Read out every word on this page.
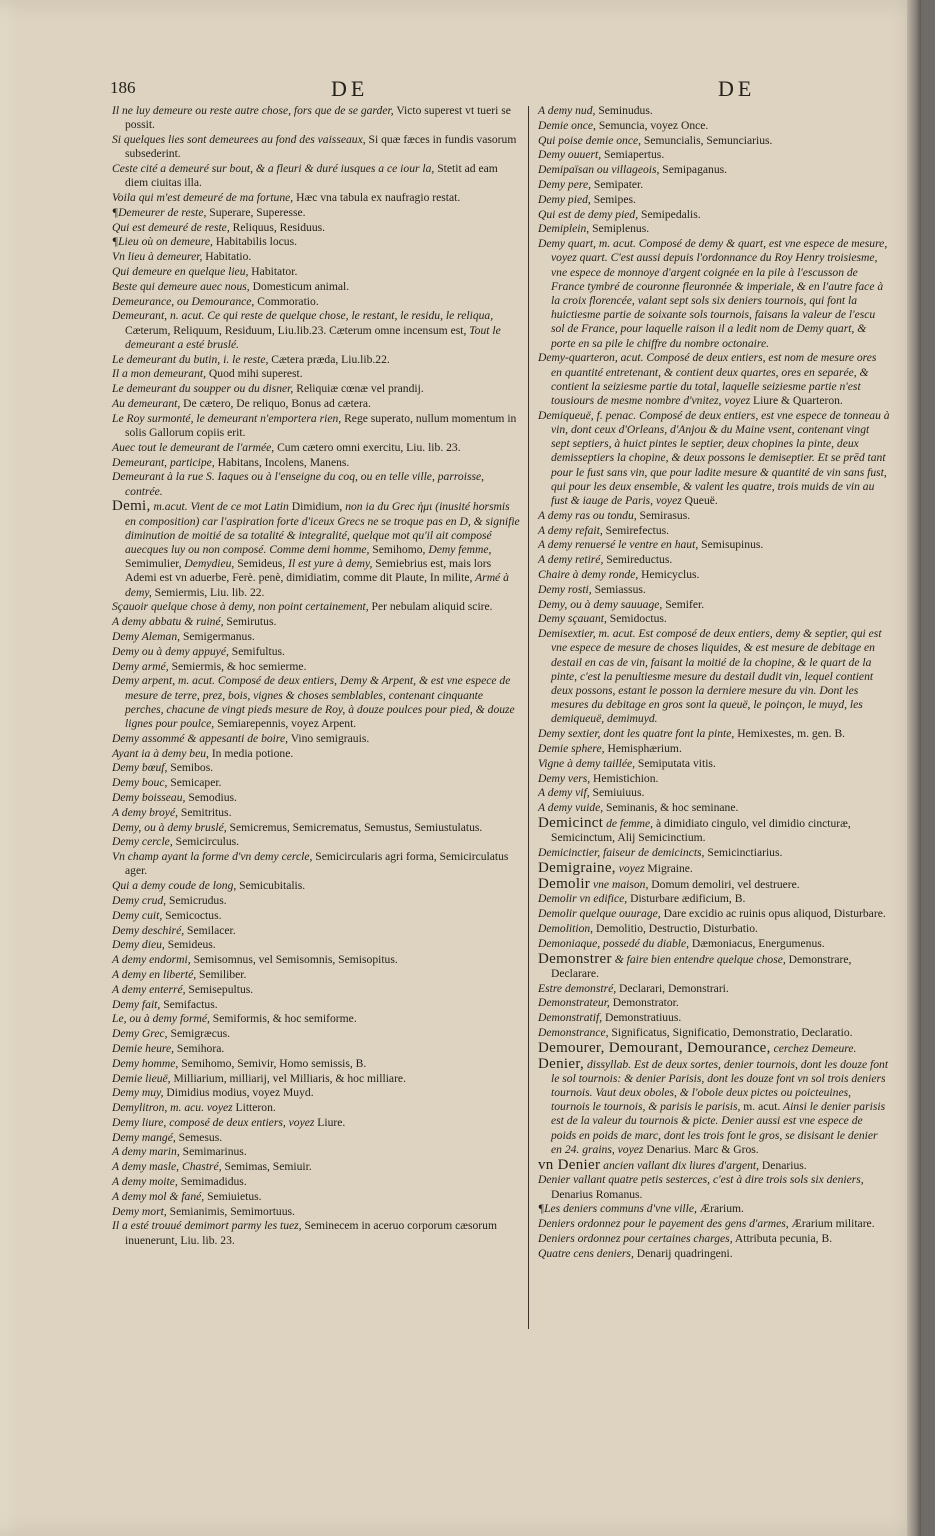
186	DE	DE
Il ne luy demeure ou reste autre chose, fors que de se garder, Victo superest vt tueri se possit.
Si quelques lies sont demeurees au fond des vaisseaux, Si quæ fæces in fundis vasorum subsederint.
Ceste cité a demeuré sur bout, & a fleuri & duré iusques a ce iour la, Stetit ad eam diem ciuitas illa.
Voila qui m'est demeuré de ma fortune, Hæc vna tabula ex naufragio restat.
¶Demeurer de reste, Superare, Superesse.
Qui est demeuré de reste, Reliquus, Residuus.
¶Lieu où on demeure, Habitabilis locus.
Vn lieu à demeurer, Habitatio.
Qui demeure en quelque lieu, Habitator.
Beste qui demeure auec nous, Domesticum animal.
Demeurance, ou Demourance, Commoratio.
Demeurant, n. acut. Ce qui reste de quelque chose, le restant, le residu, le reliqua, Cæterum, Reliquum, Residuum, Liu.lib.23. Cæterum omne incensum est, Tout le demeurant a esté bruslé.
Le demeurant du butin, i. le reste, Cætera præda, Liu.lib.22.
Il a mon demeurant, Quod mihi superest.
Le demeurant du soupper ou du disner, Reliquiæ cœnæ vel prandij.
Au demeurant, De cætero, De reliquo, Bonus ad cætera.
Le Roy surmonté, le demeurant n'emportera rien, Rege superato, nullum momentum in solis Gallorum copiis erit.
Auec tout le demeurant de l'armée, Cum cætero omni exercitu, Liu. lib. 23.
Demeurant, participe, Habitans, Incolens, Manens.
Demeurant à la rue S. Iaques ou à l'enseigne du coq, ou en telle ville, parroisse, contrée.
Demi, m.acut. Vient de ce mot Latin Dimidium, non ia du Grec ἡμι (inusité horsmis en composition) car l'aspiration forte d'iceux Grecs ne se troque pas en D, & signifie diminution de moitié de sa totalité & integralité, quelque mot qu'il ait composé auecques luy ou non composé. Comme demi homme, Semihomo, Demy femme, Semimulier, Demydieu, Semideus, Il est yure à demy, Semiebrius est, mais lors Ademi est vn aduerbe, Ferè. penè, dimidiatim, comme dit Plaute, In milite, Armé à demy, Semiermis, Liu. lib. 22.
Sçauoir quelque chose à demy, non point certainement, Per nebulam aliquid scire.
A demy abbatu & ruiné, Semirutus.
Demy Aleman, Semigermanus.
Demy ou à demy appuyé, Semifultus.
Demy armé, Semiermis, & hoc semierme.
Demy arpent, m. acut. Composé de deux entiers, Demy & Arpent, & est vne espece de mesure de terre, prez, bois, vignes & choses semblables, contenant cinquante perches, chacune de vingt pieds mesure de Roy, à douze poulces pour pied, & douze lignes pour poulce, Semiarepennis, voyez Arpent.
Demy assommé & appesanti de boire, Vino semigrauis.
Ayant ia à demy beu, In media potione.
Demy bœuf, Semibos.
Demy bouc, Semicaper.
Demy boisseau, Semodius.
A demy broyé, Semitritus.
Demy, ou à demy bruslé, Semicremus, Semicrematus, Semustus, Semiustulatus.
Demy cercle, Semicirculus.
Vn champ ayant la forme d'vn demy cercle, Semicircularis agri forma, Semicirculatus ager.
Qui a demy coude de long, Semicubitalis.
Demy crud, Semicrudus.
Demy cuit, Semicoctus.
Demy deschiré, Semilacer.
Demy dieu, Semideus.
A demy endormi, Semisomnus, vel Semisomnis, Semisopitus.
A demy en liberté, Semiliber.
A demy enterré, Semisepultus.
Demy fait, Semifactus.
Le, ou à demy formé, Semiformis, & hoc semiforme.
Demy Grec, Semigræcus.
Demie heure, Semihora.
Demy homme, Semihomo, Semivir, Homo semissis, B.
Demie lieuë, Milliarium, milliarij, vel Milliaris, & hoc milliare.
Demy muy, Dimidius modius, voyez Muyd.
Demylitron, m. acu. voyez Litteron.
Demy liure, composé de deux entiers, voyez Liure.
Demy mangé, Semesus.
A demy marin, Semimarinus.
A demy masle, Chastré, Semimas, Semiuir.
A demy moite, Semimadidus.
A demy mol & fané, Semiuietus.
Demy mort, Semianimis, Semimortuus.
Il a esté trouué demimort parmy les tuez, Seminecem in aceruo corporum cæsorum inuenerunt, Liu. lib. 23.
A demy nud, Seminudus.
Demie once, Semuncia, voyez Once.
Qui poise demie once, Semuncialis, Semunciarius.
Demy ouuert, Semiapertus.
Demipaïsan ou villageois, Semipaganus.
Demy pere, Semipater.
Demy pied, Semipes.
Qui est de demy pied, Semipedalis.
Demiplein, Semiplenus.
Demy quart, m. acut. Composé de demy & quart, est vne espece de mesure, voyez quart. C'est aussi depuis l'ordonnance du Roy Henry troisiesme, vne espece de monnoye d'argent coignée en la pile à l'escusson de France tymbré de couronne fleuronnée & imperiale, & en l'autre face à la croix florencée, valant sept sols six deniers tournois, qui font la huictiesme partie de soixante sols tournois, faisans la valeur de l'escu sol de France, pour laquelle raison il a ledit nom de Demy quart, & porte en sa pile le chiffre du nombre octonaire.
Demy-quarteron, acut. Composé de deux entiers, est nom de mesure ores en quantité entretenant, & contient deux quartes, ores en separée, & contient la seiziesme partie du total, laquelle seiziesme partie n'est tousiours de mesme nombre d'vnitez, voyez Liure & Quarteron.
Demiqueuë, f. penac. Composé de deux entiers, est vne espece de tonneau à vin, dont ceux d'Orleans, d'Anjou & du Maine vsent, contenant vingt sept septiers, à huict pintes le septier, deux chopines la pinte, deux demisseptiers la chopine, & deux possons le demiseptier. Et se prēd tant pour le fust sans vin, que pour ladite mesure & quantité de vin sans fust, qui pour les deux ensemble, & valent les quatre, trois muids de vin au fust & iauge de Paris, voyez Queuë.
A demy ras ou tondu, Semirasus.
A demy refait, Semirefectus.
A demy renuersé le ventre en haut, Semisupinus.
A demy retiré, Semireductus.
Chaire à demy ronde, Hemicyclus.
Demy rosti, Semiassus.
Demy, ou à demy sauuage, Semifer.
Demy sçauant, Semidoctus.
Demisextier, m. acut. Est composé de deux entiers, demy & septier, qui est vne espece de mesure de choses liquides, & est mesure de debitage en destail en cas de vin, faisant la moitié de la chopine, & le quart de la pinte, c'est la penultiesme mesure du destail dudit vin, lequel contient deux possons, estant le posson la derniere mesure du vin. Dont les mesures du debitage en gros sont la queuë, le poinçon, le muyd, les demiqueuë, demimuyd.
Demy sextier, dont les quatre font la pinte, Hemixestes, m. gen. B.
Demie sphere, Hemisphærium.
Vigne à demy taillée, Semiputata vitis.
Demy vers, Hemistichion.
A demy vif, Semiuiuus.
A demy vuide, Seminanis, & hoc seminane.
Demicinct de femme, à dimidiato cingulo, vel dimidio cincturæ, Semicinctum, Alij Semicinctium.
Demicinctier, faiseur de demicincts, Semicinctiarius.
Demigraine, voyez Migraine.
Demolir vne maison, Domum demoliri, vel destruere.
Demolir vn edifice, Disturbare ædificium, B.
Demolir quelque ouurage, Dare excidio ac ruinis opus aliquod, Disturbare.
Demolition, Demolitio, Destructio, Disturbatio.
Demoniaque, possedé du diable, Dæmoniacus, Energumenus.
Demonstrer & faire bien entendre quelque chose, Demonstrare, Declarare.
Estre demonstré, Declarari, Demonstrari.
Demonstrateur, Demonstrator.
Demonstratif, Demonstratiuus.
Demonstrance, Significatus, Significatio, Demonstratio, Declaratio.
Demourer, Demourant, Demourance, cerchez Demeure.
Denier, dissyllab. Est de deux sortes, denier tournois, dont les douze font le sol tournois: & denier Parisis, dont les douze font vn sol trois deniers tournois. Vaut deux oboles, & l'obole deux pictes ou poicteuines, tournois le tournois, & parisis le parisis, m. acut. Ainsi le denier parisis est de la valeur du tournois & picte. Denier aussi est vne espece de poids en poids de marc, dont les trois font le gros, se disisant le denier en 24. grains, voyez Denarius. Marc & Gros.
vn Denier ancien vallant dix liures d'argent, Denarius.
Denier vallant quatre petis sesterces, c'est à dire trois sols six deniers, Denarius Romanus.
¶Les deniers communs d'vne ville, Ærarium.
Deniers ordonnez pour le payement des gens d'armes, Ærarium militare.
Deniers ordonnez pour certaines charges, Attributa pecunia, B.
Quatre cens deniers, Denarij quadringeni.
